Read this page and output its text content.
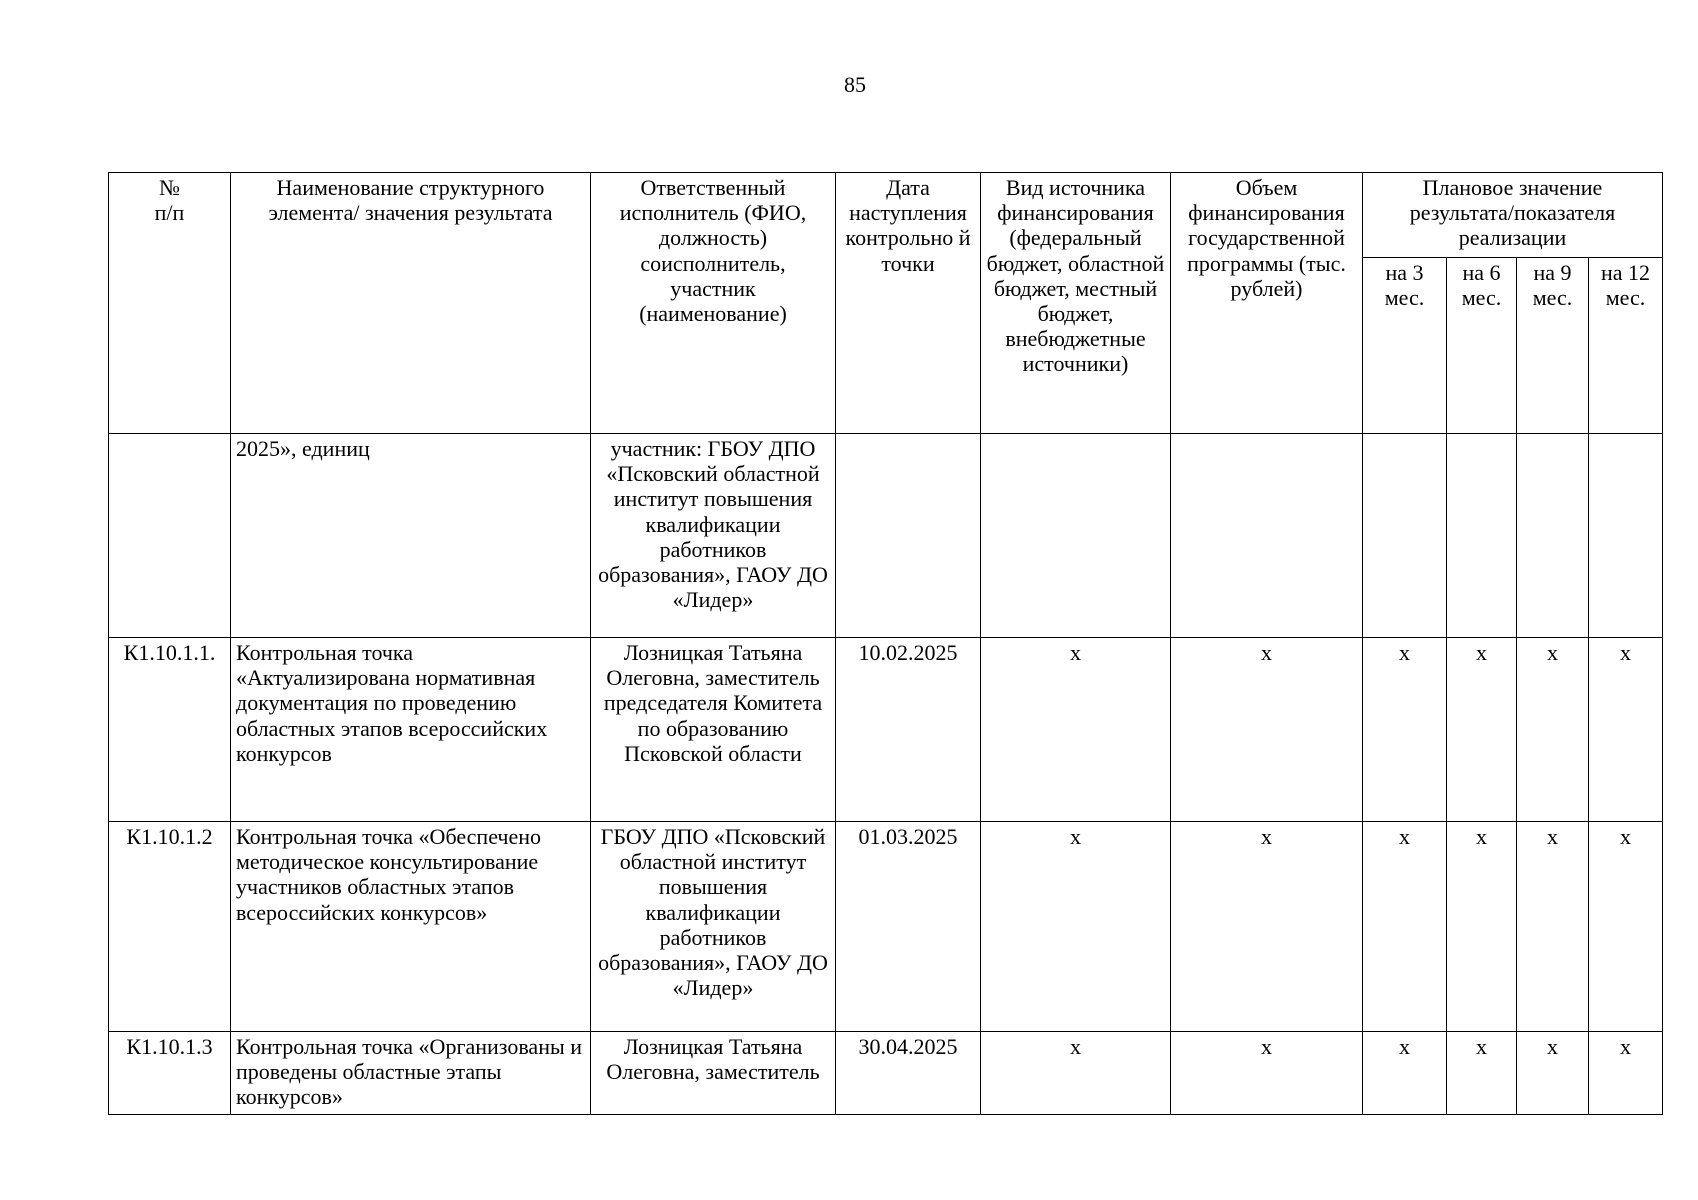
85
№
п/п	Наименование структурного элемента/ значения результата	Ответственный исполнитель (ФИО, должность) соисполнитель, участник (наименование)	Дата наступления контрольно й точки	Вид источника финансирования (федеральный бюджет, областной бюджет, местный бюджет, внебюджетные источники)	Объем финансирования государственной программы (тыс. рублей)	Плановое значение результата/показателя реализации			
						на 3 мес.	на 6 мес.	на 9 мес.	на 12 мес.
	2025», единиц	участник: ГБОУ ДПО «Псковский областной институт повышения квалификации работников образования», ГАОУ ДО «Лидер»							
К1.10.1.1.	Контрольная точка «Актуализирована нормативная документация по проведению областных этапов всероссийских конкурсов	Лозницкая Татьяна Олеговна, заместитель председателя Комитета по образованию Псковской области	10.02.2025	x	x	x	x	x	x
К1.10.1.2	Контрольная точка «Обеспечено методическое консультирование участников областных этапов всероссийских конкурсов»	ГБОУ ДПО «Псковский областной институт повышения квалификации работников образования», ГАОУ ДО «Лидер»	01.03.2025	x	x	x	x	x	x
К1.10.1.3	Контрольная точка «Организованы и проведены областные этапы конкурсов»	Лозницкая Татьяна Олеговна, заместитель	30.04.2025	x	x	x	x	x	x
